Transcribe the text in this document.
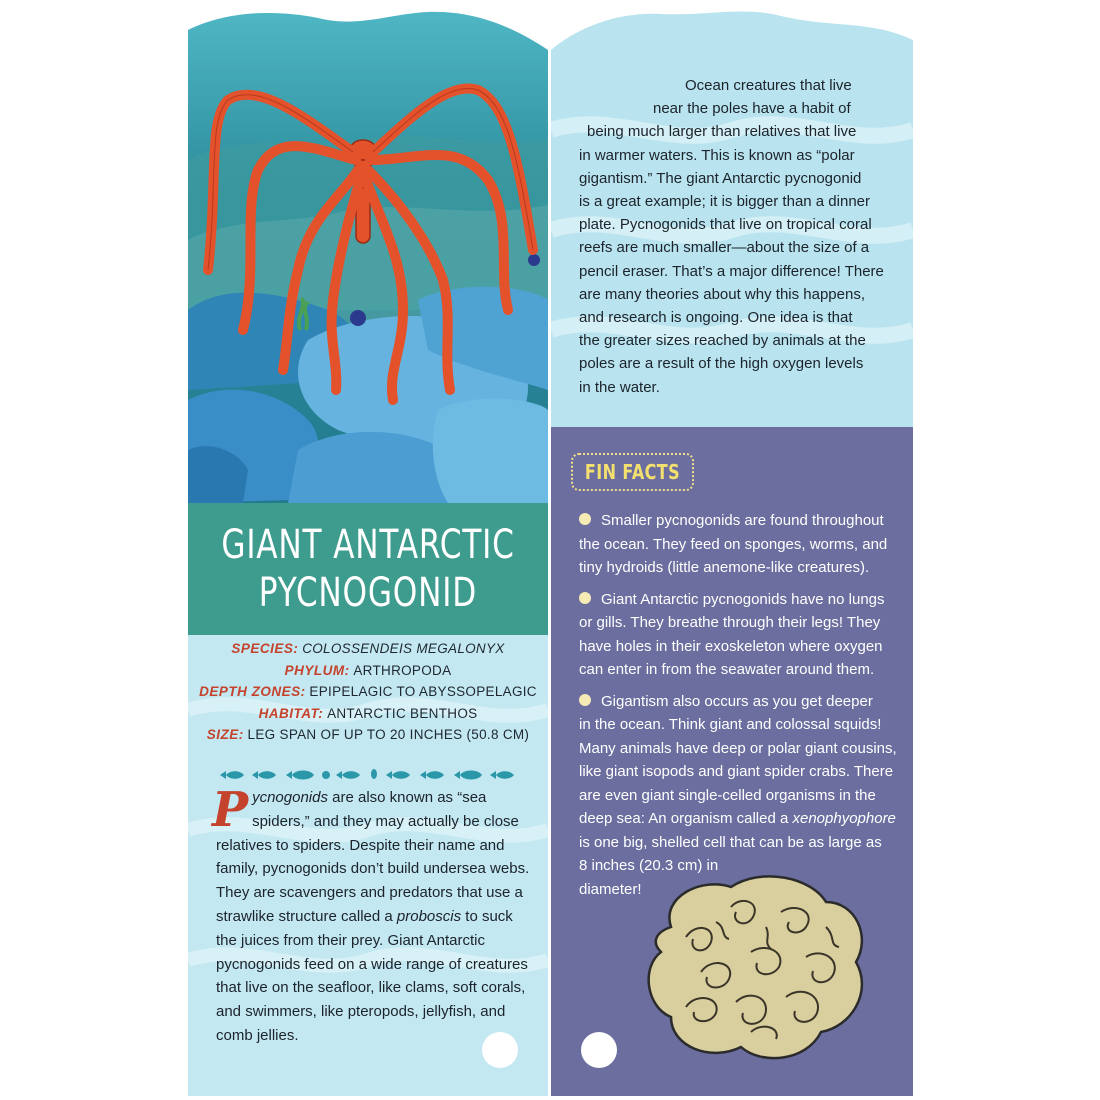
GIANT ANTARCTIC
PYCNOGONID
SPECIES: COLOSSENDEIS MEGALONYX
PHYLUM: ARTHROPODA
DEPTH ZONES: EPIPELAGIC TO ABYSSOPELAGIC
HABITAT: ANTARCTIC BENTHOS
SIZE: LEG SPAN OF UP TO 20 INCHES (50.8 CM)
Pycnogonids are also known as “sea spiders,” and they may actually be close relatives to spiders. Despite their name and family, pycnogonids don’t build undersea webs. They are scavengers and predators that use a strawlike structure called a proboscis to suck the juices from their prey. Giant Antarctic pycnogonids feed on a wide range of creatures that live on the seafloor, like clams, soft corals, and swimmers, like pteropods, jellyfish, and comb jellies.
Ocean creatures that live
near the poles have a habit of
being much larger than relatives that live
in warmer waters. This is known as “polar
gigantism.” The giant Antarctic pycnogonid
is a great example; it is bigger than a dinner
plate. Pycnogonids that live on tropical coral
reefs are much smaller—about the size of a
pencil eraser. That’s a major difference! There
are many theories about why this happens,
and research is ongoing. One idea is that
the greater sizes reached by animals at the
poles are a result of the high oxygen levels
in the water.
FIN FACTS
Smaller pycnogonids are found throughout
the ocean. They feed on sponges, worms, and
tiny hydroids (little anemone-like creatures).
Giant Antarctic pycnogonids have no lungs
or gills. They breathe through their legs! They
have holes in their exoskeleton where oxygen
can enter in from the seawater around them.
Gigantism also occurs as you get deeper
in the ocean. Think giant and colossal squids!
Many animals have deep or polar giant cousins,
like giant isopods and giant spider crabs. There
are even giant single-celled organisms in the
deep sea: An organism called a xenophyophore
is one big, shelled cell that can be as large as
8 inches (20.3 cm) in
diameter!
